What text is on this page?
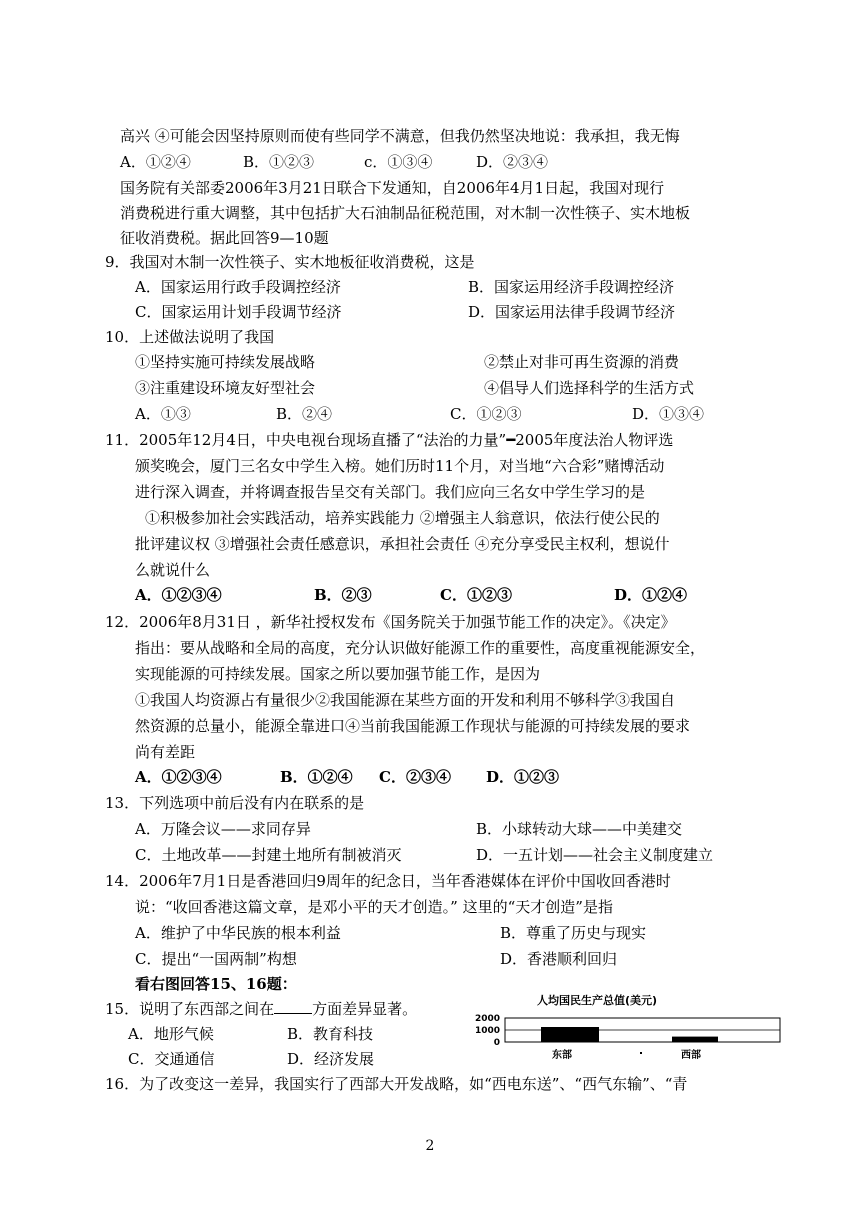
高兴 ④可能会因坚持原则而使有些同学不满意，但我仍然坚决地说：我承担，我无悔
A．①②④	B．①②③	c．①③④	D．②③④
国务院有关部委2006年3月21日联合下发通知，自2006年4月1日起，我国对现行
消费税进行重大调整，其中包括扩大石油制品征税范围，对木制一次性筷子、实木地板
征收消费税。据此回答9—10题
9．我国对木制一次性筷子、实木地板征收消费税，这是
A．国家运用行政手段调控经济	B．国家运用经济手段调控经济
C．国家运用计划手段调节经济	D．国家运用法律手段调节经济
10．上述做法说明了我国
①坚持实施可持续发展战略	②禁止对非可再生资源的消费
③注重建设环境友好型社会	④倡导人们选择科学的生活方式
A．①③	B．②④	C．①②③	D．①③④
11．2005年12月4日，中央电视台现场直播了“法治的力量”━2005年度法治人物评选
颁奖晚会，厦门三名女中学生入榜。她们历时11个月，对当地“六合彩”赌博活动
进行深入调查，并将调查报告呈交有关部门。我们应向三名女中学生学习的是
①积极参加社会实践活动，培养实践能力 ②增强主人翁意识，依法行使公民的
批评建议权 ③增强社会责任感意识，承担社会责任 ④充分享受民主权利，想说什
么就说什么
A．①②③④	B．②③	C．①②③	D．①②④
12．2006年8月31日 ，新华社授权发布《国务院关于加强节能工作的决定》。《决定》
指出：要从战略和全局的高度，充分认识做好能源工作的重要性，高度重视能源安全，
实现能源的可持续发展。国家之所以要加强节能工作，是因为
①我国人均资源占有量很少②我国能源在某些方面的开发和利用不够科学③我国自
然资源的总量小，能源全靠进口④当前我国能源工作现状与能源的可持续发展的要求
尚有差距
A．①②③④	B．①②④ C．②③④ D．①②③
13．下列选项中前后没有内在联系的是
A．万隆会议——求同存异	B．小球转动大球——中美建交
C．土地改革——封建土地所有制被消灭	D．一五计划——社会主义制度建立
14．2006年7月1日是香港回归9周年的纪念日，当年香港媒体在评价中国收回香港时
说：“收回香港这篇文章，是邓小平的天才创造。” 这里的“天才创造”是指
A．维护了中华民族的根本利益	B．尊重了历史与现实
C．提出“一国两制”构想	D．香港顺利回归
看右图回答15、16题：
15．说明了东西部之间在	方面差异显著。
A．地形气候	B．教育科技
C．交通通信	D．经济发展
人均国民生产总值(美元)
2000
1000
0
东部	西部
16．为了改变这一差异，我国实行了西部大开发战略，如“西电东送”、“西气东输”、“青
2
